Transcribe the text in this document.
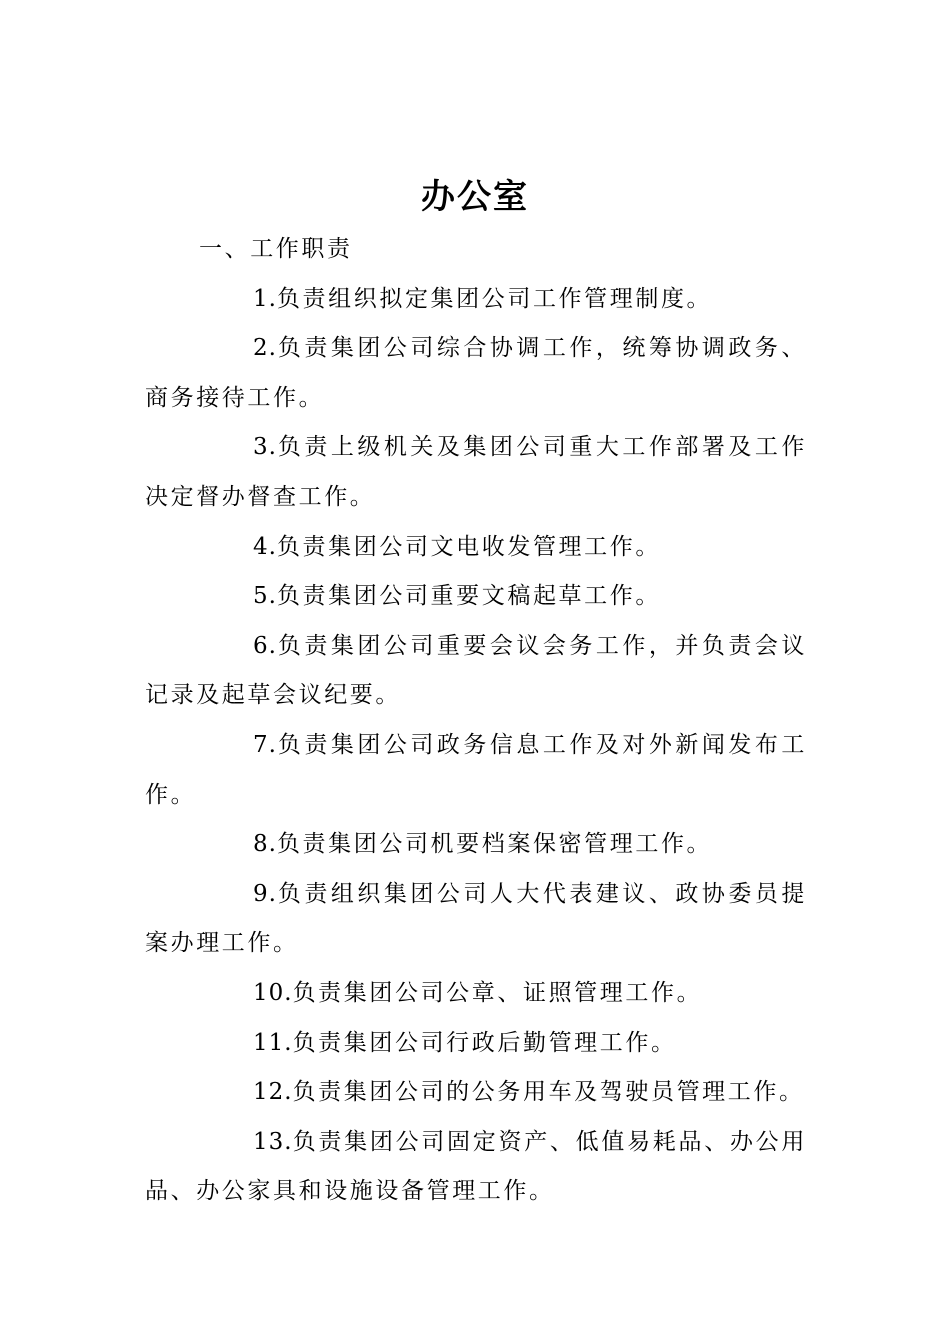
办公室

一、工作职责

1.负责组织拟定集团公司工作管理制度。

2.负责集团公司综合协调工作，统筹协调政务、商务接待工作。

3.负责上级机关及集团公司重大工作部署及工作决定督办督查工作。

4.负责集团公司文电收发管理工作。

5.负责集团公司重要文稿起草工作。

6.负责集团公司重要会议会务工作，并负责会议记录及起草会议纪要。

7.负责集团公司政务信息工作及对外新闻发布工作。

8.负责集团公司机要档案保密管理工作。

9.负责组织集团公司人大代表建议、政协委员提案办理工作。

10.负责集团公司公章、证照管理工作。

11.负责集团公司行政后勤管理工作。

12.负责集团公司的公务用车及驾驶员管理工作。

13.负责集团公司固定资产、低值易耗品、办公用品、办公家具和设施设备管理工作。
